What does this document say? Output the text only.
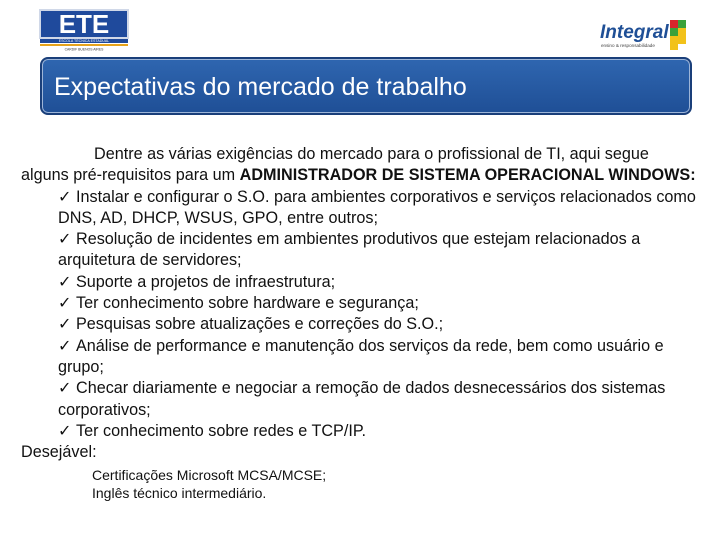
ETE
ESCOLA TÉCNICA ESTADUAL
CARDIF BUENOS AIRES
Integral
ensino & responsabilidade
Expectativas do mercado de trabalho

Dentre as várias exigências do mercado para o profissional de TI, aqui segue alguns pré-requisitos para um ADMINISTRADOR DE SISTEMA OPERACIONAL WINDOWS:

✓ Instalar e configurar o S.O. para ambientes corporativos e serviços relacionados como DNS, AD, DHCP, WSUS, GPO, entre outros;
✓ Resolução de incidentes em ambientes produtivos que estejam relacionados a arquitetura de servidores;
✓ Suporte a projetos de infraestrutura;
✓ Ter conhecimento sobre hardware e segurança;
✓ Pesquisas sobre atualizações e correções do S.O.;
✓ Análise de performance e manutenção dos serviços da rede, bem como usuário e grupo;
✓ Checar diariamente e negociar a remoção de dados desnecessários dos sistemas corporativos;
✓ Ter conhecimento sobre redes e TCP/IP.

Desejável:

Certificações Microsoft MCSA/MCSE;
Inglês técnico intermediário.
